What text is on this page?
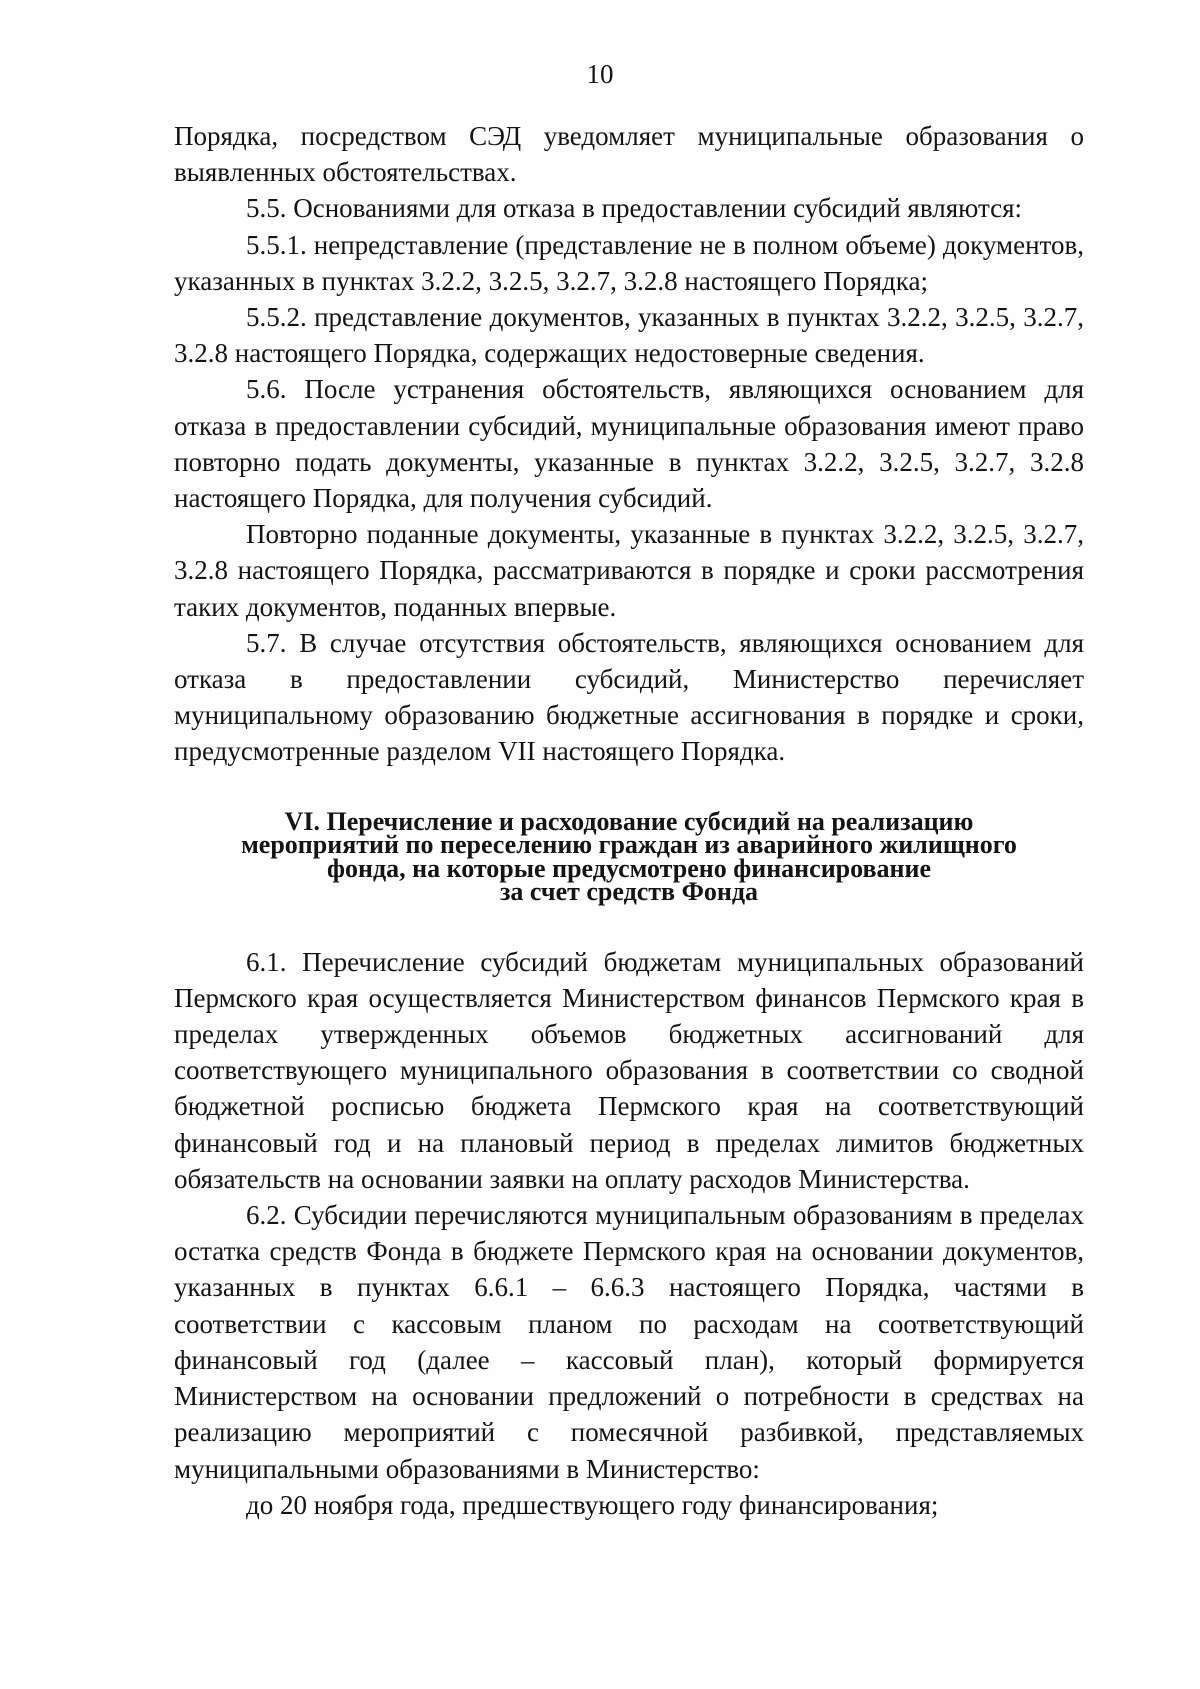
10

Порядка, посредством СЭД уведомляет муниципальные образования о выявленных обстоятельствах.

5.5. Основаниями для отказа в предоставлении субсидий являются:

5.5.1. непредставление (представление не в полном объеме) документов, указанных в пунктах 3.2.2, 3.2.5, 3.2.7, 3.2.8 настоящего Порядка;

5.5.2. представление документов, указанных в пунктах 3.2.2, 3.2.5, 3.2.7, 3.2.8 настоящего Порядка, содержащих недостоверные сведения.

5.6. После устранения обстоятельств, являющихся основанием для отказа в предоставлении субсидий, муниципальные образования имеют право повторно подать документы, указанные в пунктах 3.2.2, 3.2.5, 3.2.7, 3.2.8 настоящего Порядка, для получения субсидий.

Повторно поданные документы, указанные в пунктах 3.2.2, 3.2.5, 3.2.7, 3.2.8 настоящего Порядка, рассматриваются в порядке и сроки рассмотрения таких документов, поданных впервые.

5.7. В случае отсутствия обстоятельств, являющихся основанием для отказа в предоставлении субсидий, Министерство перечисляет муниципальному образованию бюджетные ассигнования в порядке и сроки, предусмотренные разделом VII настоящего Порядка.

VI. Перечисление и расходование субсидий на реализацию
мероприятий по переселению граждан из аварийного жилищного
фонда, на которые предусмотрено финансирование
за счет средств Фонда

6.1. Перечисление субсидий бюджетам муниципальных образований Пермского края осуществляется Министерством финансов Пермского края в пределах утвержденных объемов бюджетных ассигнований для соответствующего муниципального образования в соответствии со сводной бюджетной росписью бюджета Пермского края на соответствующий финансовый год и на плановый период в пределах лимитов бюджетных обязательств на основании заявки на оплату расходов Министерства.

6.2. Субсидии перечисляются муниципальным образованиям в пределах остатка средств Фонда в бюджете Пермского края на основании документов, указанных в пунктах 6.6.1 – 6.6.3 настоящего Порядка, частями в соответствии с кассовым планом по расходам на соответствующий финансовый год (далее – кассовый план), который формируется Министерством на основании предложений о потребности в средствах на реализацию мероприятий с помесячной разбивкой, представляемых муниципальными образованиями в Министерство:

до 20 ноября года, предшествующего году финансирования;
